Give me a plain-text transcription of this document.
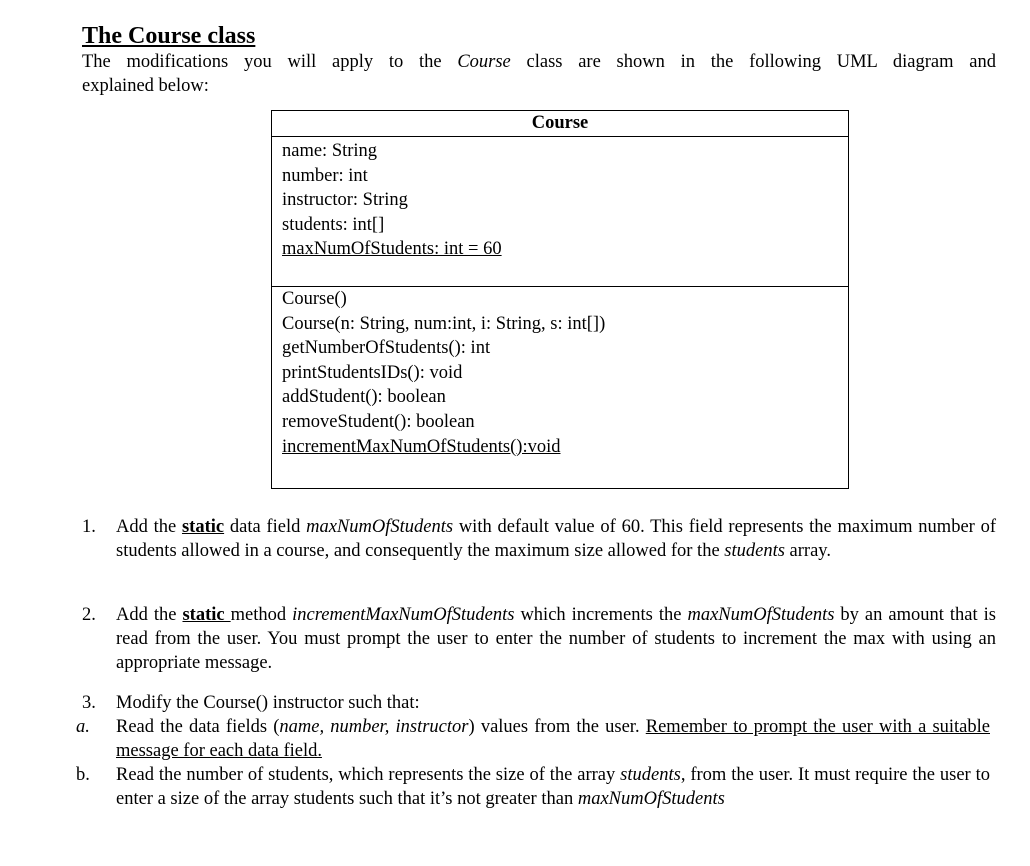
The Course class

The modifications you will apply to the Course class are shown in the following UML diagram and
explained below:

Course
name: String
number: int
instructor: String
students: int[]
maxNumOfStudents: int = 60
Course()
Course(n: String, num:int, i: String, s: int[])
getNumberOfStudents(): int
printStudentsIDs(): void
addStudent(): boolean
removeStudent(): boolean
incrementMaxNumOfStudents():void
1. Add the static data field maxNumOfStudents with default value of 60. This field represents the maximum number of students allowed in a course, and consequently the maximum size allowed for the students array.
2. Add the static method incrementMaxNumOfStudents which increments the maxNumOfStudents by an amount that is read from the user. You must prompt the user to enter the number of students to increment the max with using an appropriate message.
3. Modify the Course() instructor such that:
a. Read the data fields (name, number, instructor) values from the user. Remember to prompt the user with a suitable message for each data field.
b. Read the number of students, which represents the size of the array students, from the user. It must require the user to enter a size of the array students such that it’s not greater than maxNumOfStudents
